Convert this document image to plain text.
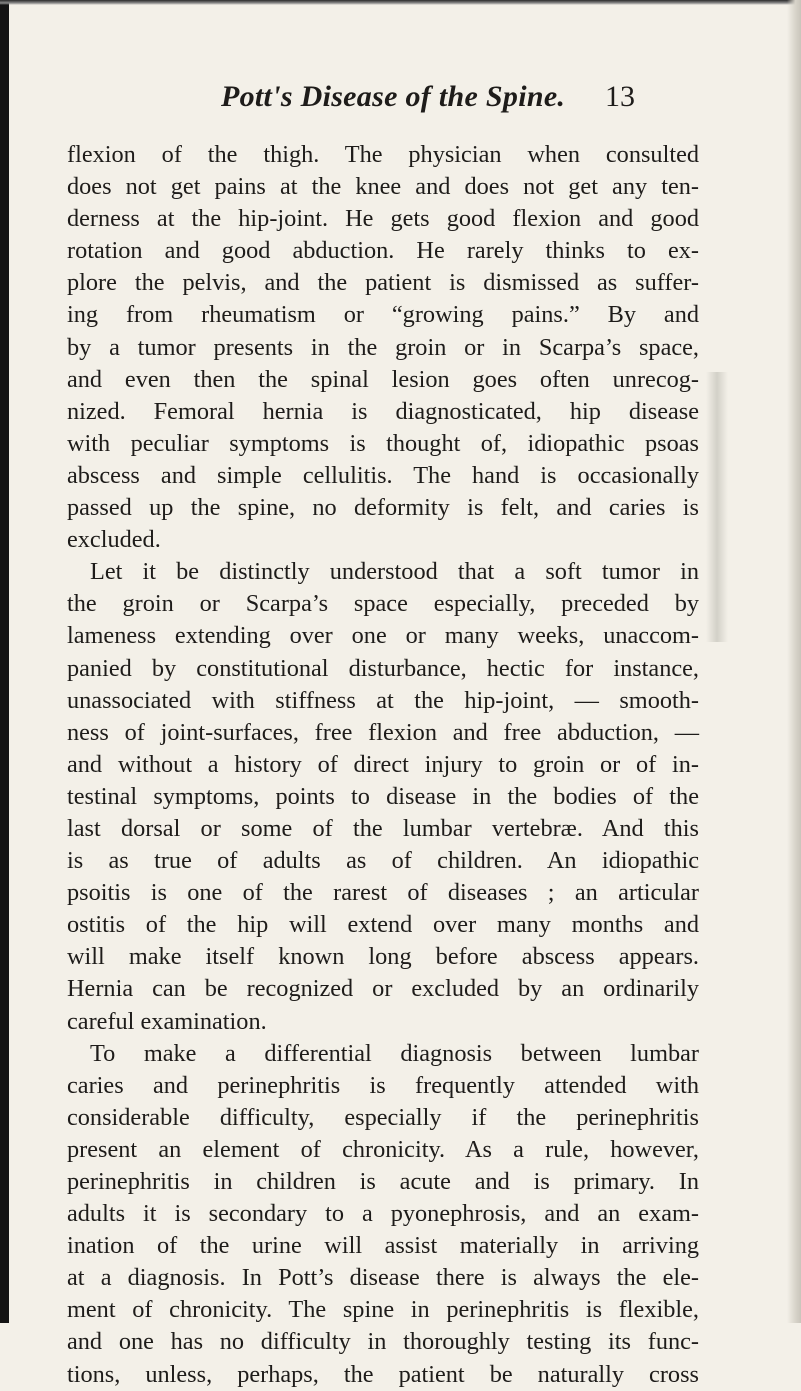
Pott's Disease of the Spine. 13
flexion of the thigh. The physician when consulted
does not get pains at the knee and does not get any ten-
derness at the hip-joint. He gets good flexion and good
rotation and good abduction. He rarely thinks to ex-
plore the pelvis, and the patient is dismissed as suffer-
ing from rheumatism or “growing pains.” By and
by a tumor presents in the groin or in Scarpa’s space,
and even then the spinal lesion goes often unrecog-
nized. Femoral hernia is diagnosticated, hip disease
with peculiar symptoms is thought of, idiopathic psoas
abscess and simple cellulitis. The hand is occasionally
passed up the spine, no deformity is felt, and caries is
excluded.
Let it be distinctly understood that a soft tumor in
the groin or Scarpa’s space especially, preceded by
lameness extending over one or many weeks, unaccom-
panied by constitutional disturbance, hectic for instance,
unassociated with stiffness at the hip-joint, — smooth-
ness of joint-surfaces, free flexion and free abduction, —
and without a history of direct injury to groin or of in-
testinal symptoms, points to disease in the bodies of the
last dorsal or some of the lumbar vertebræ. And this
is as true of adults as of children. An idiopathic
psoitis is one of the rarest of diseases ; an articular
ostitis of the hip will extend over many months and
will make itself known long before abscess appears.
Hernia can be recognized or excluded by an ordinarily
careful examination.
To make a differential diagnosis between lumbar
caries and perinephritis is frequently attended with
considerable difficulty, especially if the perinephritis
present an element of chronicity. As a rule, however,
perinephritis in children is acute and is primary. In
adults it is secondary to a pyonephrosis, and an exam-
ination of the urine will assist materially in arriving
at a diagnosis. In Pott’s disease there is always the ele-
ment of chronicity. The spine in perinephritis is flexible,
and one has no difficulty in thoroughly testing its func-
tions, unless, perhaps, the patient be naturally cross
